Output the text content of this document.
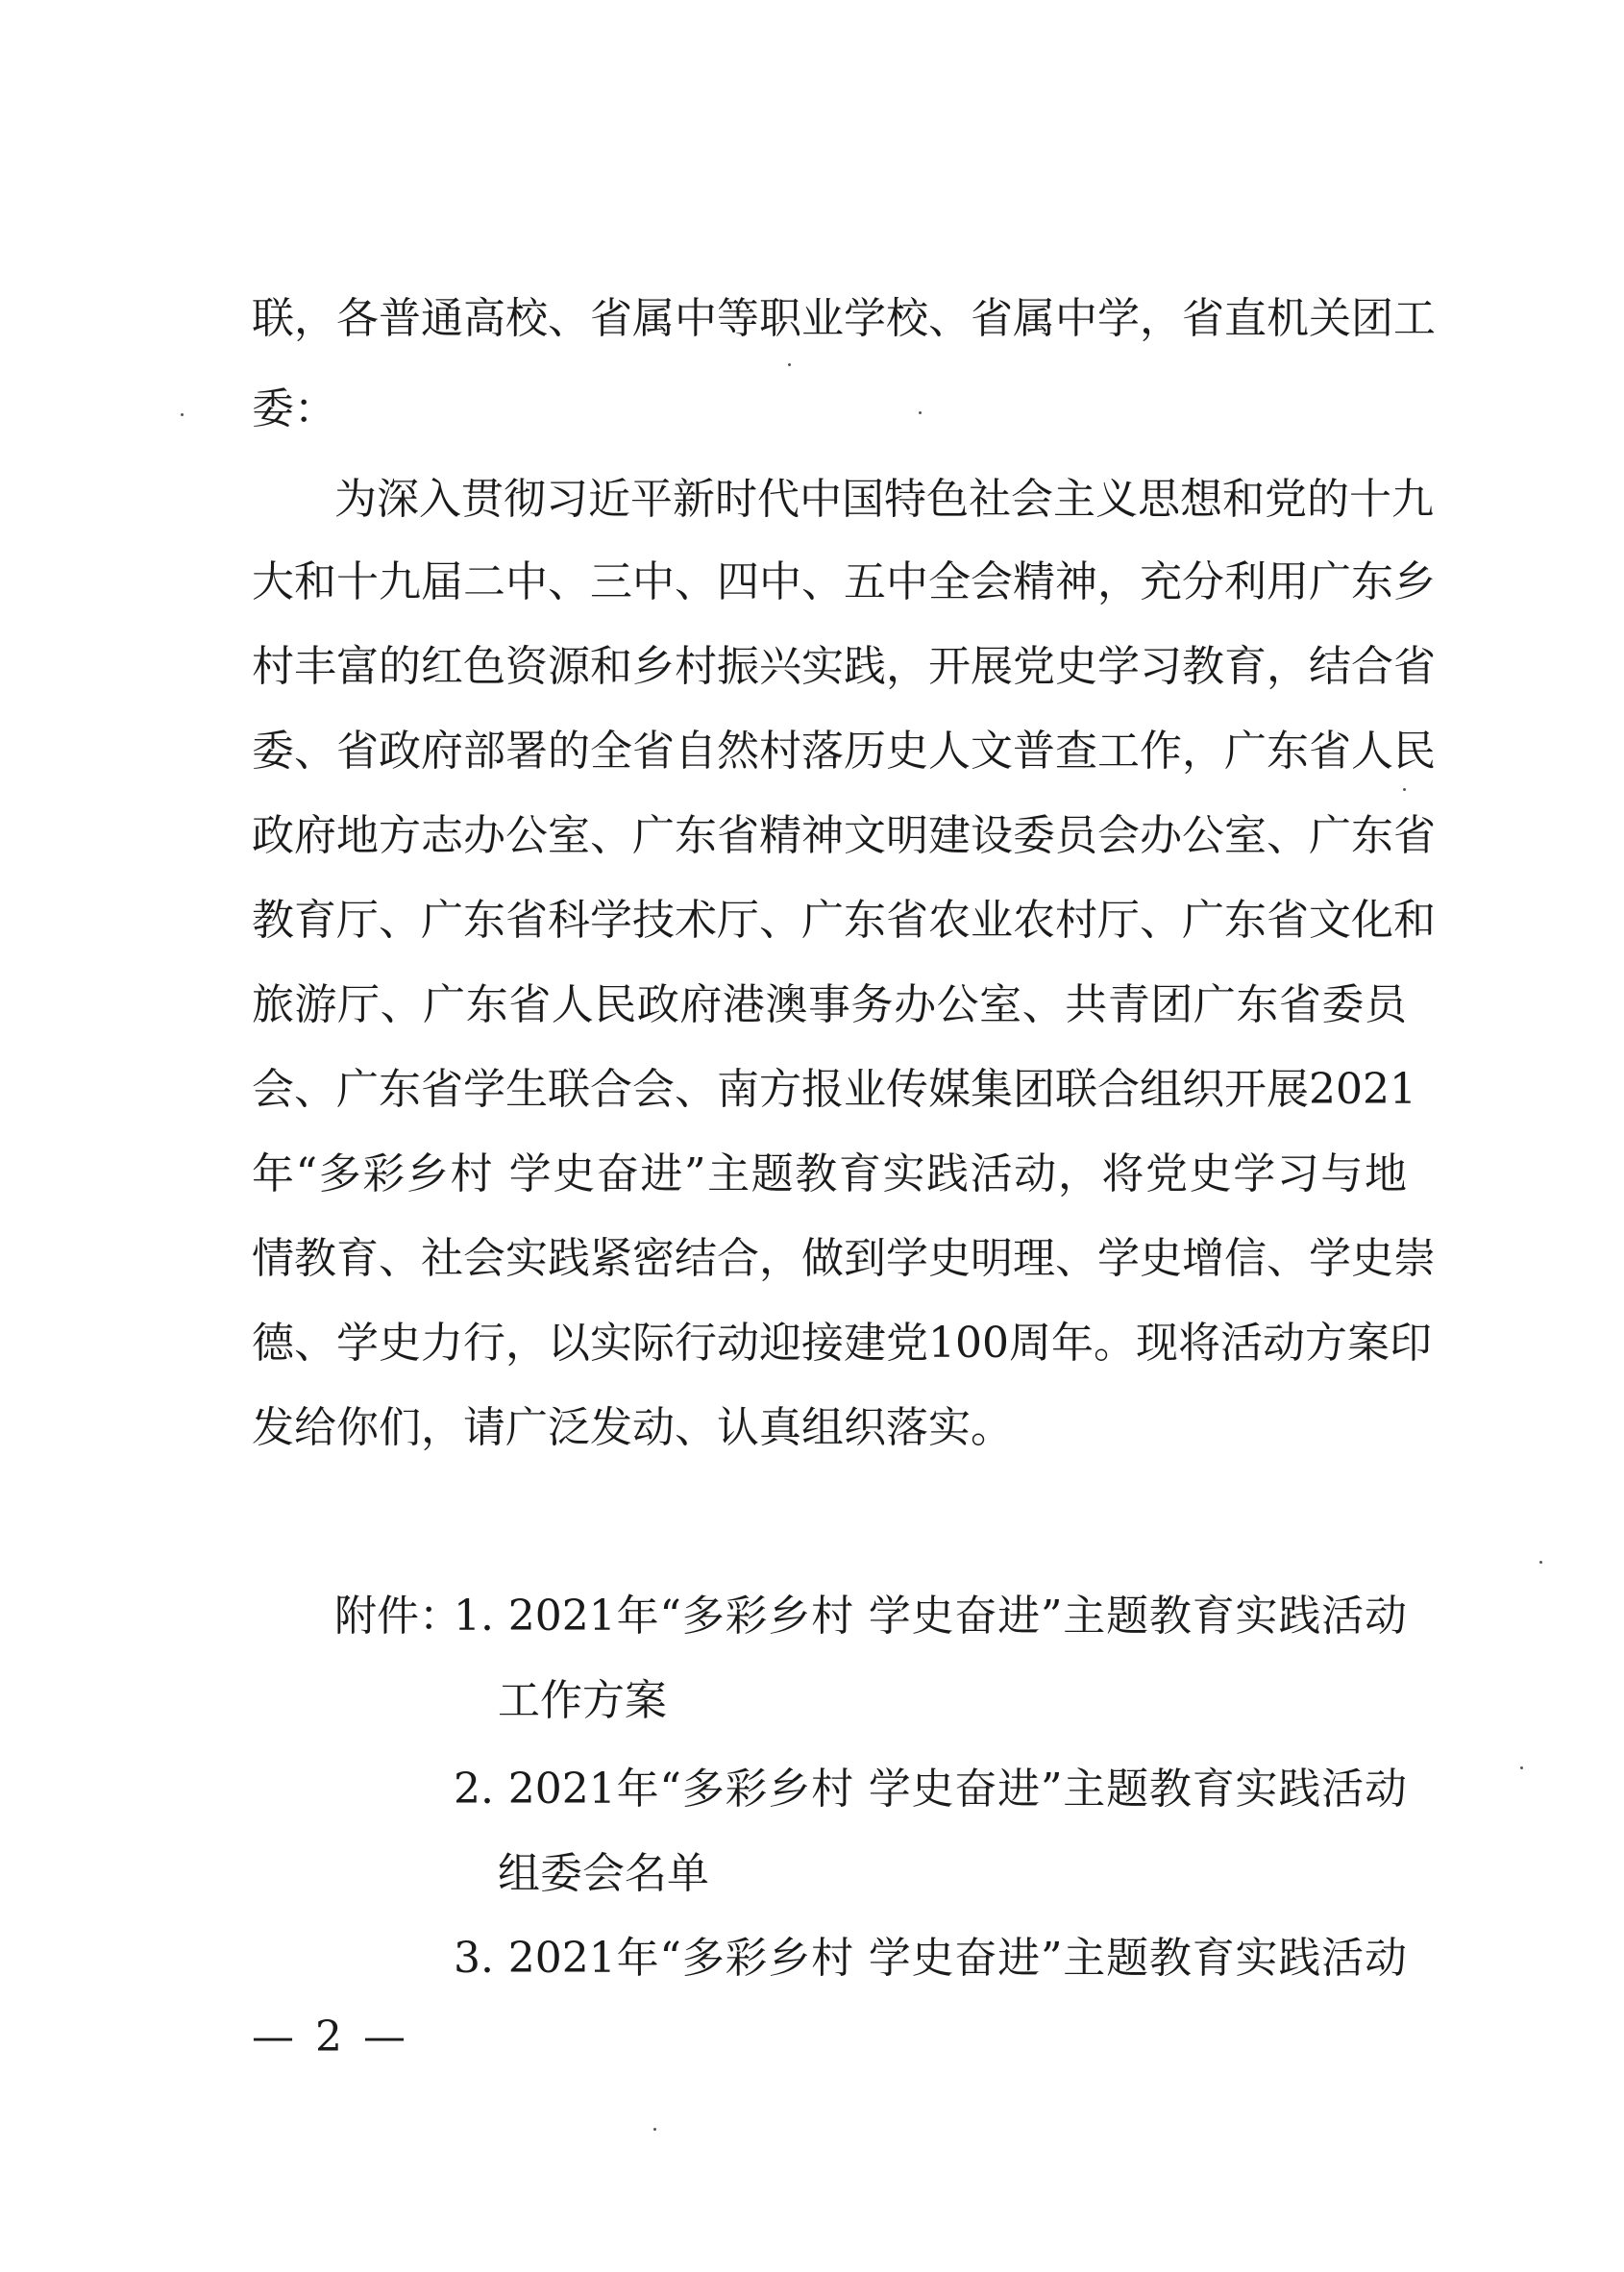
联，各普通高校、省属中等职业学校、省属中学，省直机关团工
委：
为深入贯彻习近平新时代中国特色社会主义思想和党的十九
大和十九届二中、三中、四中、五中全会精神，充分利用广东乡
村丰富的红色资源和乡村振兴实践，开展党史学习教育，结合省
委、省政府部署的全省自然村落历史人文普查工作，广东省人民
政府地方志办公室、广东省精神文明建设委员会办公室、广东省
教育厅、广东省科学技术厅、广东省农业农村厅、广东省文化和
旅游厅、广东省人民政府港澳事务办公室、共青团广东省委员
会、广东省学生联合会、南方报业传媒集团联合组织开展2021
年“多彩乡村 学史奋进”主题教育实践活动，将党史学习与地
情教育、社会实践紧密结合，做到学史明理、学史增信、学史崇
德、学史力行，以实际行动迎接建党100周年。现将活动方案印
发给你们，请广泛发动、认真组织落实。
附件：
1. 2021年“多彩乡村 学史奋进”主题教育实践活动
工作方案
2. 2021年“多彩乡村 学史奋进”主题教育实践活动
组委会名单
3. 2021年“多彩乡村 学史奋进”主题教育实践活动
— 2 —
